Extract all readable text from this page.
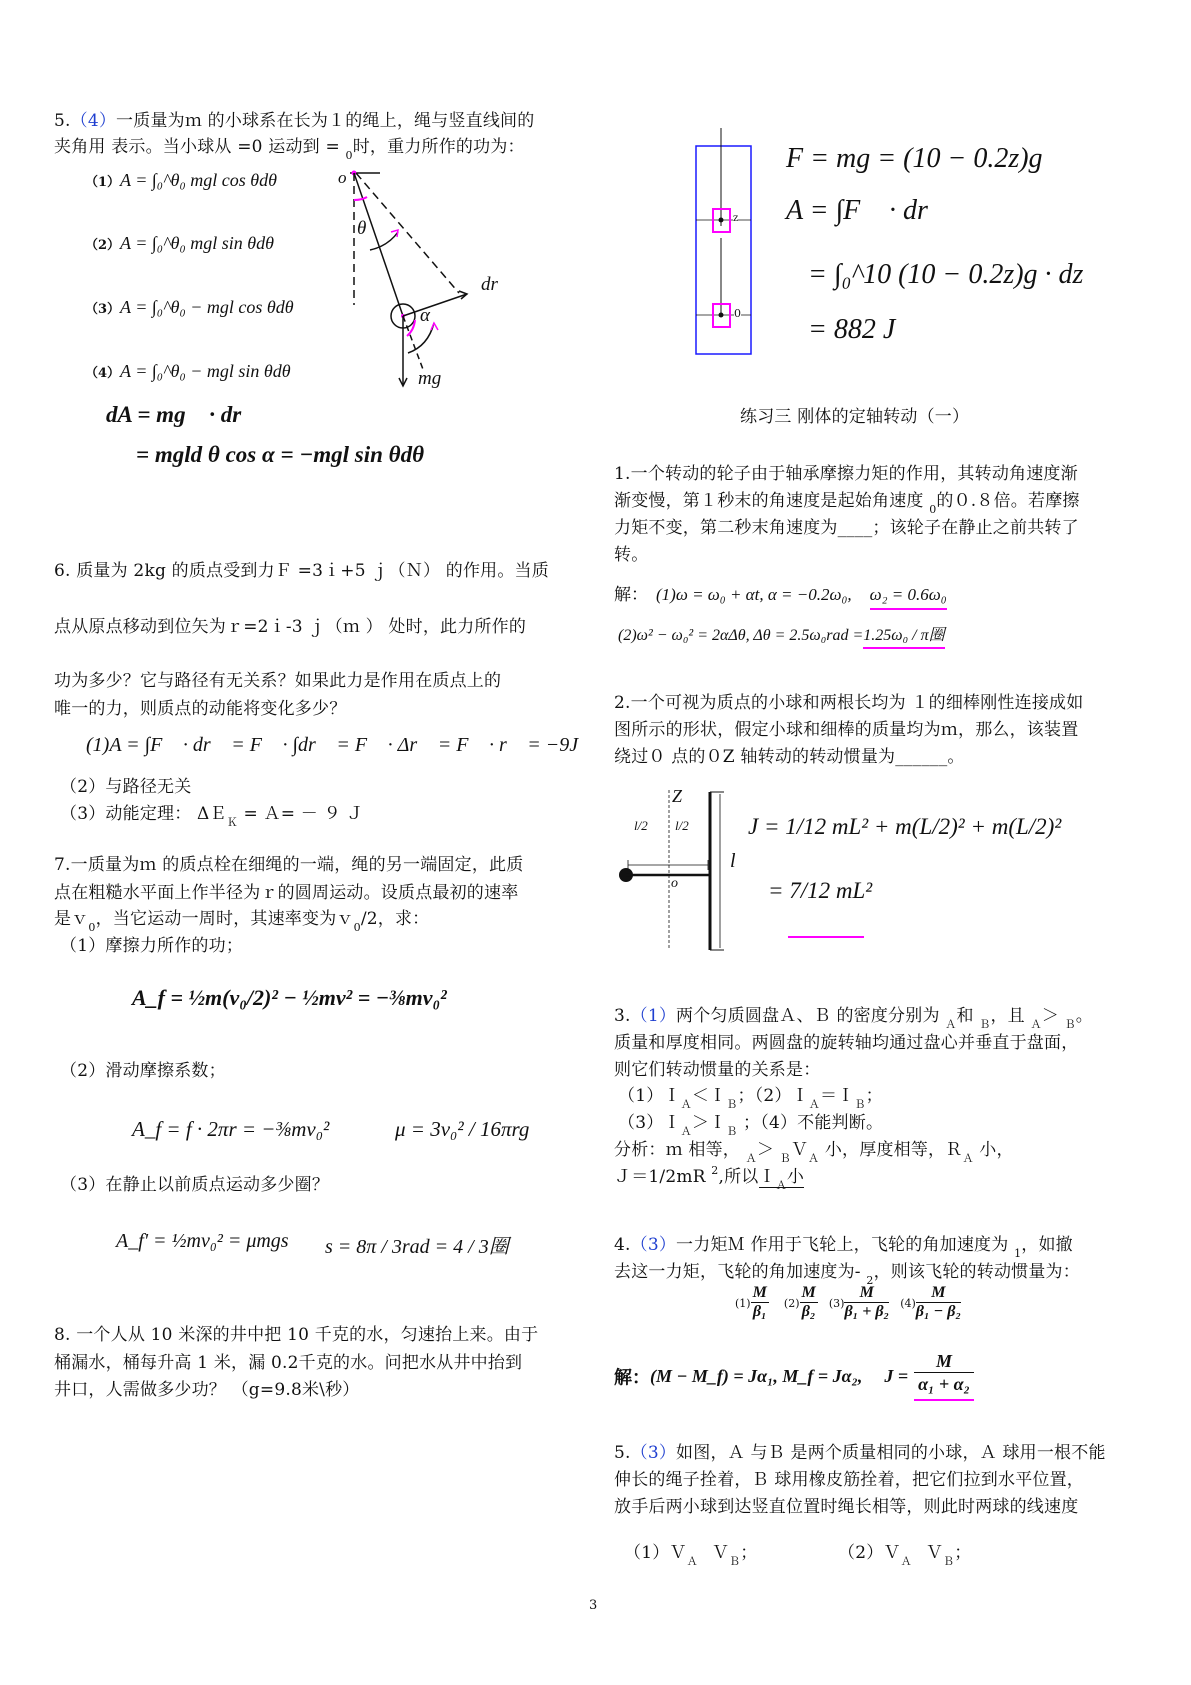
5.（4）一质量为ｍ 的小球系在长为１的绳上，绳与竖直线间的
夹角用 表示。当小球从 =0 运动到 = $_0$时，重力所作的功为：
（1）A = ∫₀^θ₀ mgl cos θdθ
（2）A = ∫₀^θ₀ mgl sin θdθ
（3）A = ∫₀^θ₀ − mgl cos θdθ
（4）A = ∫₀^θ₀ − mgl sin θdθ
dA = mg⃗ · dr⃗
= mgld θ cos α = −mgl sin θdθ
o
θ
α
dr⃗
mg⃗
6. 质量为 2kg 的质点受到力Ｆ =3ｉ+5 ｊ（Ｎ） 的作用。当质
点从原点移动到位矢为ｒ=2ｉ-3 ｊ（ｍ ） 处时，此力所作的
功为多少？它与路径有无关系？如果此力是作用在质点上的
唯一的力，则质点的动能将变化多少？
(1)A = ∫F⃗ · dr⃗ = F⃗ · ∫dr⃗ = F⃗ · Δr⃗ = F⃗ · r⃗ = −9J
（2）与路径无关
（3）动能定理： ΔＥ$_K$ = Ａ= － ９ Ｊ
7.一质量为ｍ 的质点栓在细绳的一端，绳的另一端固定，此质
点在粗糙水平面上作半径为ｒ的圆周运动。设质点最初的速率
是ｖ$_0$，当它运动一周时，其速率变为ｖ$_0$/2，求：
（1）摩擦力所作的功；
A_f = ½m(v₀/2)² − ½mv² = −⅜mv₀²
（2）滑动摩擦系数；
A_f = f · 2πr = −⅜mv₀²	μ = 3v₀² / 16πrg
（3）在静止以前质点运动多少圈？
A_f' = ½mv₀² = μmgs s = 8π / 3rad = 4 / 3圈
8. 一个人从 10 米深的井中把 10 千克的水，匀速抬上来。由于
桶漏水，桶每升高 1 米，漏 0.2千克的水。问把水从井中抬到
井口，人需做多少功？ （g=9.8米\秒）
z
0
F = mg = (10 − 0.2z)g
A = ∫F⃗ · dr⃗
= ∫₀^10 (10 − 0.2z)g · dz
= 882 J
练习三 刚体的定轴转动（一）
1.一个转动的轮子由于轴承摩擦力矩的作用，其转动角速度渐
渐变慢，第１秒末的角速度是起始角速度 $_0$的０.８倍。若摩擦
力矩不变，第二秒末角速度为____；该轮子在静止之前共转了
转。
解： (1)ω = ω₀ + αt, α = −0.2ω₀, ω₂ = 0.6ω₀
(2)ω² − ω₀² = 2αΔθ, Δθ = 2.5ω₀rad =1.25ω₀ / π圈
2.一个可视为质点的小球和两根长均为 １的细棒刚性连接成如
图所示的形状，假定小球和细棒的质量均为ｍ，那么，该装置
绕过０ 点的０Z 轴转动的转动惯量为______。
l/2 l/2
Z
o
l
J = 1/12 mL² + m(L/2)² + m(L/2)²
= 7/12 mL²
3.（1）两个匀质圆盘Ａ、Ｂ 的密度分别为 $_A$和 $_B$，且 $_A$＞ $_B$。
质量和厚度相同。两圆盘的旋转轴均通过盘心并垂直于盘面，
则它们转动惯量的关系是：
（1）Ｉ$_A$＜Ｉ$_B$；（2）Ｉ$_A$＝Ｉ$_B$；
（3）Ｉ$_A$＞Ｉ$_B$ ；（4）不能判断。
分析：ｍ 相等， $_A$＞ $_B$Ｖ$_A$ 小，厚度相等，Ｒ$_A$ 小，
Ｊ＝1/2mR $^2$,所以Ｉ$_A$小
4.（3）一力矩Ｍ 作用于飞轮上，飞轮的角加速度为 $_1$，如撤
去这一力矩，飞轮的角加速度为- $_2$，则该飞轮的转动惯量为：
$(1) \frac{M}{\text{β₁}} (2) \frac{M}{\text{β₂}} (3) \frac{M}{\text{β₁ + β₂}} (4) \frac{M}{\text{β₁ − β₂}}$
解：(M − M_f) = Jα₁, M_f = Jα₂, $J = \frac{M}{\text{α₁ + α₂}}$
5.（3）如图，Ａ 与Ｂ 是两个质量相同的小球，Ａ 球用一根不能
伸长的绳子拴着，Ｂ 球用橡皮筋拴着，把它们拉到水平位置，
放手后两小球到达竖直位置时绳长相等，则此时两球的线速度
（1）Ｖ$_A$ Ｖ$_B$；	（2）Ｖ$_A$ Ｖ$_B$；
3
